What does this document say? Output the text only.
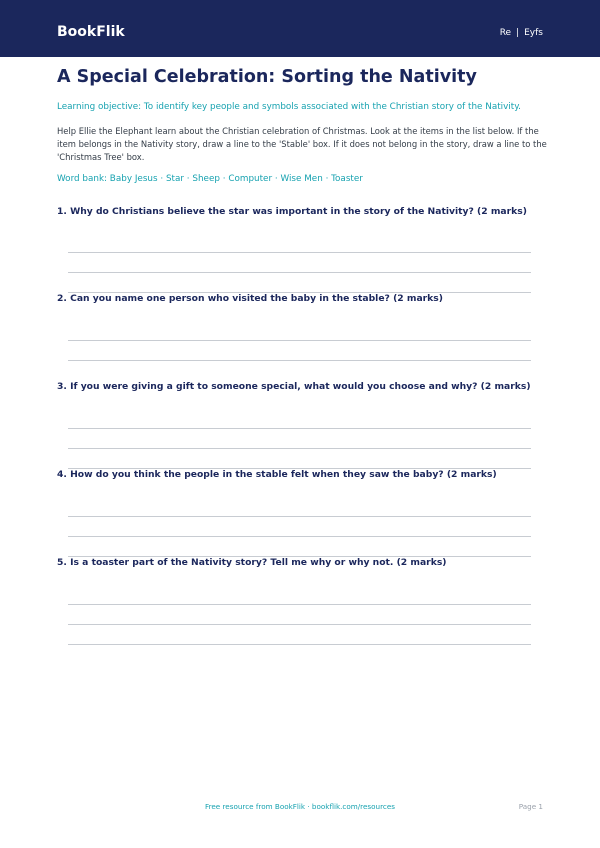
BookFlik	Re | Eyfs
A Special Celebration: Sorting the Nativity
Learning objective: To identify key people and symbols associated with the Christian story of the Nativity.
Help Ellie the Elephant learn about the Christian celebration of Christmas. Look at the items in the list below. If the item belongs in the Nativity story, draw a line to the 'Stable' box. If it does not belong in the story, draw a line to the 'Christmas Tree' box.
Word bank: Baby Jesus · Star · Sheep · Computer · Wise Men · Toaster
1. Why do Christians believe the star was important in the story of the Nativity? (2 marks)
2. Can you name one person who visited the baby in the stable? (2 marks)
3. If you were giving a gift to someone special, what would you choose and why? (2 marks)
4. How do you think the people in the stable felt when they saw the baby? (2 marks)
5. Is a toaster part of the Nativity story? Tell me why or why not. (2 marks)
Free resource from BookFlik · bookflik.com/resources	Page 1
